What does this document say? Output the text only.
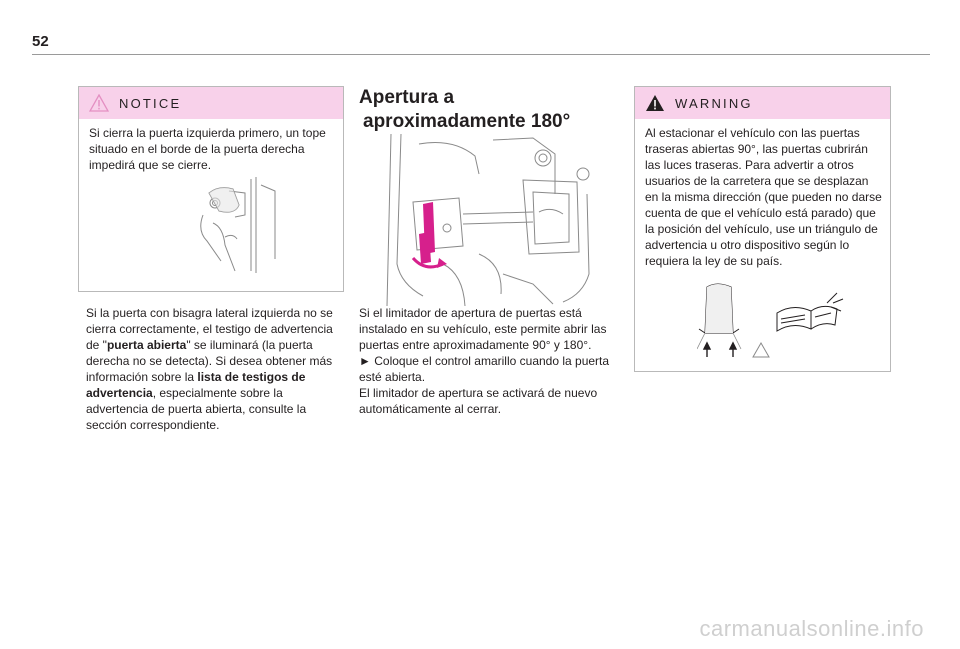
52
NOTICE
Si cierra la puerta izquierda primero, un tope situado en el borde de la puerta derecha impedirá que se cierre.
Si la puerta con bisagra lateral izquierda no se cierra correctamente, el testigo de advertencia de "puerta abierta" se iluminará (la puerta derecha no se detecta). Si desea obtener más información sobre la lista de testigos de advertencia, especialmente sobre la advertencia de puerta abierta, consulte la sección correspondiente.
Apertura a
aproximadamente 180°
Si el limitador de apertura de puertas está instalado en su vehículo, este permite abrir las puertas entre aproximadamente 90° y 180°.
► Coloque el control amarillo cuando la puerta esté abierta.
El limitador de apertura se activará de nuevo automáticamente al cerrar.
WARNING
Al estacionar el vehículo con las puertas traseras abiertas 90°, las puertas cubrirán las luces traseras. Para advertir a otros usuarios de la carretera que se desplazan en la misma dirección (que pueden no darse cuenta de que el vehículo está parado) que la posición del vehículo, use un triángulo de advertencia u otro dispositivo según lo requiera la ley de su país.
carmanualsonline.info
